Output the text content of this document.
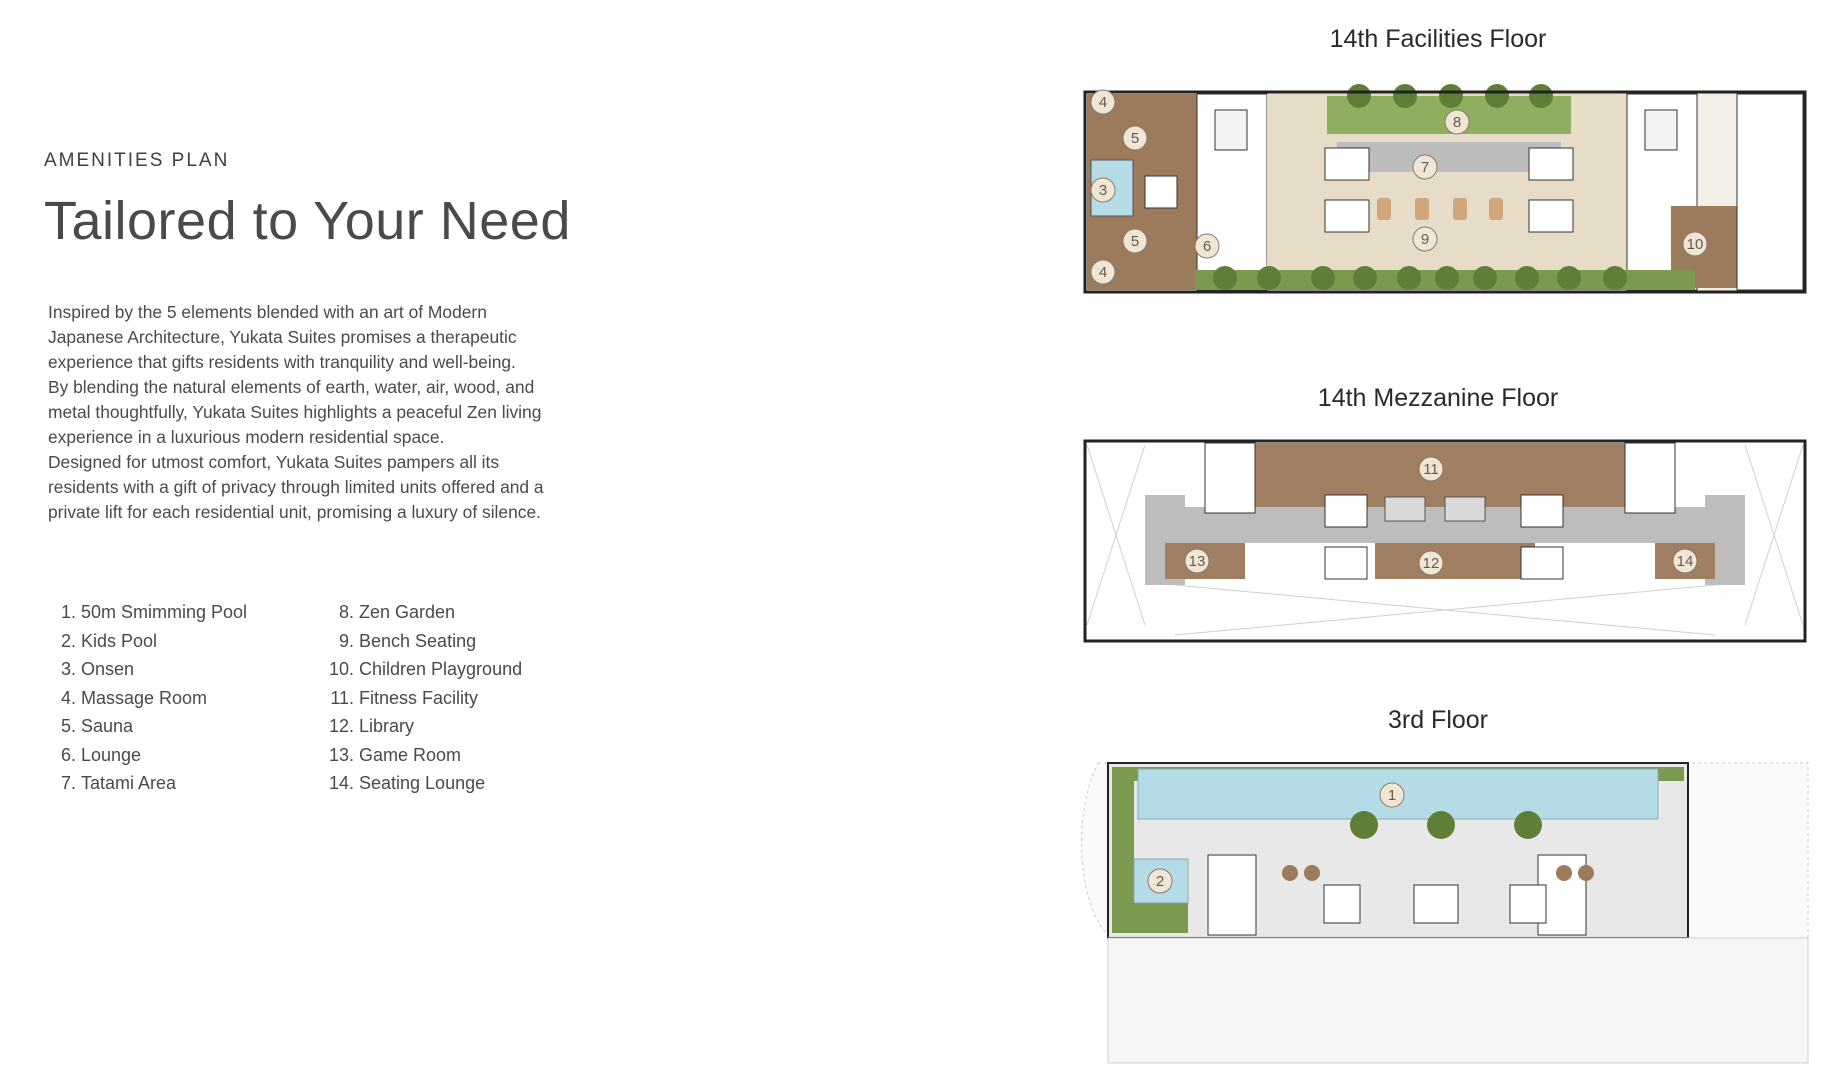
AMENITIES PLAN
Tailored to Your Need

Inspired by the 5 elements blended with an art of Modern

Japanese Architecture, Yukata Suites promises a therapeutic

experience that gifts residents with tranquility and well-being.

By blending the natural elements of earth, water, air, wood, and

metal thoughtfully, Yukata Suites highlights a peaceful Zen living

experience in a luxurious modern residential space.

Designed for utmost comfort, Yukata Suites pampers all its

residents with a gift of privacy through limited units offered and a

private lift for each residential unit, promising a luxury of silence.

1. 50m Smimming Pool
2. Kids Pool
3. Onsen
4. Massage Room
5. Sauna
6. Lounge
7. Tatami Area
8. Zen Garden
9. Bench Seating
10. Children Playground
11. Fitness Facility
12. Library
13. Game Room
14. Seating Lounge
14th Facilities Floor
4
5
3
5
4
6
7
8
9	10
14th Mezzanine Floor
11
12
13	14
3rd Floor
1
2
